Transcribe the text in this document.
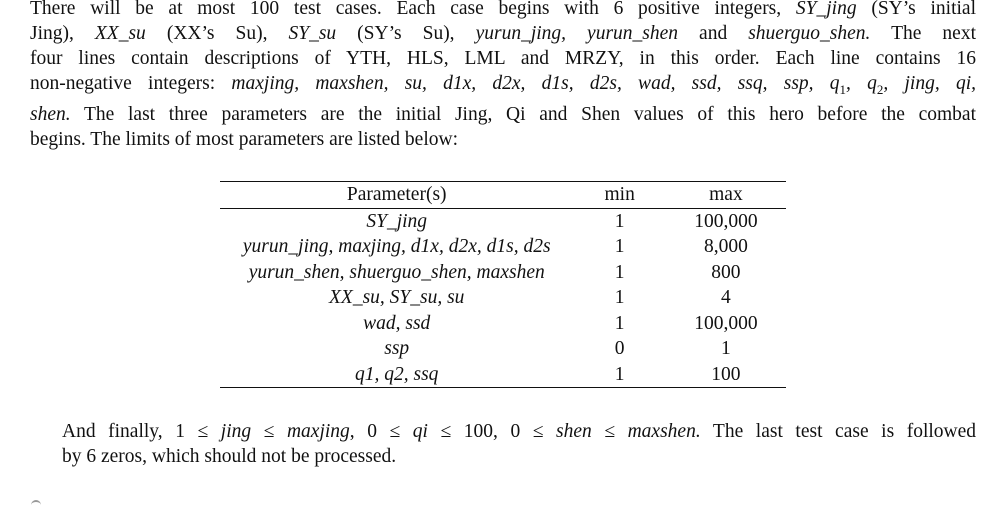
There will be at most 100 test cases. Each case begins with 6 positive integers, SY_jing (SY’s initial
Jing), XX_su (XX’s Su), SY_su (SY’s Su), yurun_jing, yurun_shen and shuerguo_shen. The next
four lines contain descriptions of YTH, HLS, LML and MRZY, in this order. Each line contains 16
non-negative integers: maxjing, maxshen, su, d1x, d2x, d1s, d2s, wad, ssd, ssq, ssp, $q_1$, $q_2$, jing, qi,
shen. The last three parameters are the initial Jing, Qi and Shen values of this hero before the combat
begins. The limits of most parameters are listed below:
Parameter(s)	min	max
SY_jing	1	100,000
yurun_jing, maxjing, d1x, d2x, d1s, d2s	1	8,000
yurun_shen, shuerguo_shen, maxshen	1	800
XX_su, SY_su, su	1	4
wad, ssd	1	100,000
ssp	0	1
q1, q2, ssq	1	100
And finally, 1 ≤ jing ≤ maxjing, 0 ≤ qi ≤ 100, 0 ≤ shen ≤ maxshen. The last test case is followed
by 6 zeros, which should not be processed.
